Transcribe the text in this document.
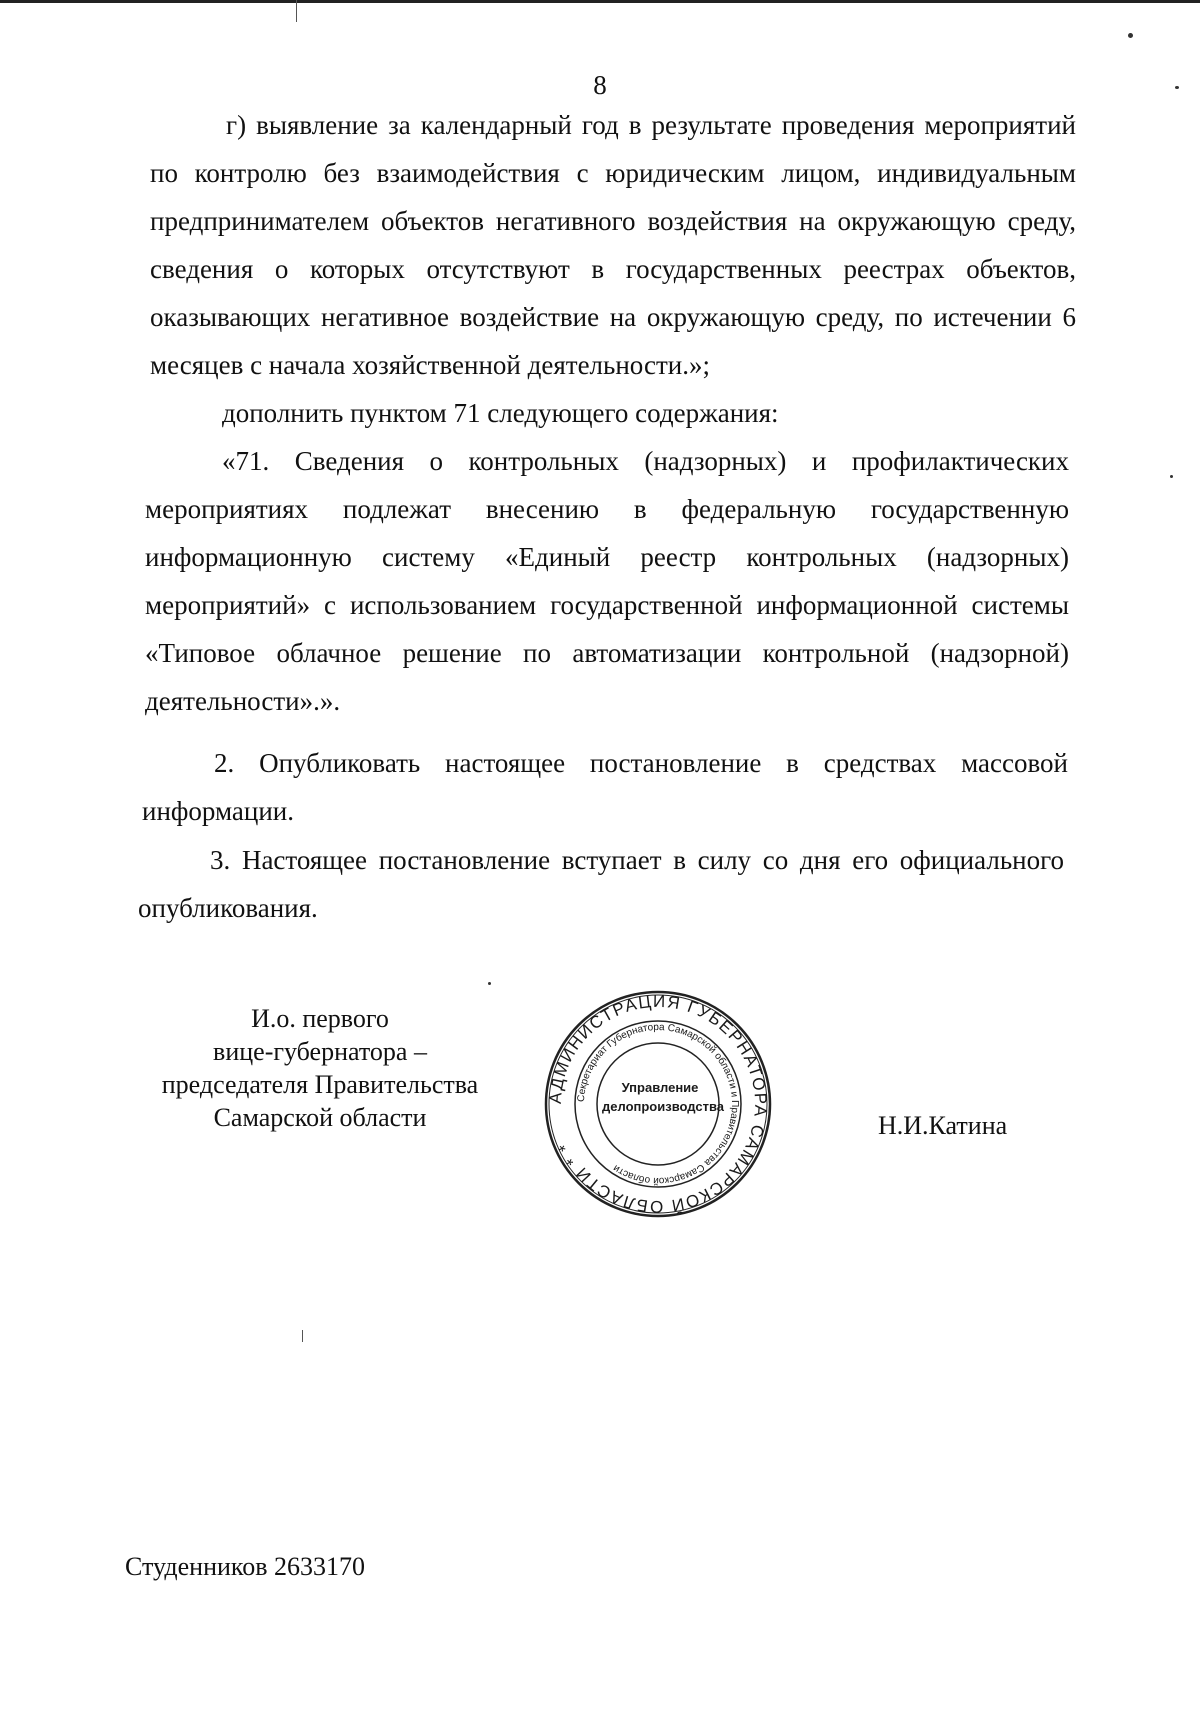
8

г) выявление за календарный год в результате проведения мероприятий по контролю без взаимодействия с юридическим лицом, индивидуальным предпринимателем объектов негативного воздействия на окружающую среду, сведения о которых отсутствуют в государственных реестрах объектов, оказывающих негативное воздействие на окружающую среду, по истечении 6 месяцев с начала хозяйственной деятельности.»;

дополнить пунктом 71 следующего содержания:

«71. Сведения о контрольных (надзорных) и профилактических мероприятиях подлежат внесению в федеральную государственную информационную систему «Единый реестр контрольных (надзорных) мероприятий» с использованием государственной информационной системы «Типовое облачное решение по автоматизации контрольной (надзорной) деятельности».».

2. Опубликовать настоящее постановление в средствах массовой информации.

3. Настоящее постановление вступает в силу со дня его официального опубликования.

И.о. первого
вице-губернатора –
председателя Правительства
Самарской области
АДМИНИСТРАЦИЯ ГУБЕРНАТОРА САМАРСКОЙ ОБЛАСТИ * *
Секретариат Губернатора Самарской области и Правительства Самарской области
Управление
делопроизводства
Н.И.Катина
Студенников 2633170
